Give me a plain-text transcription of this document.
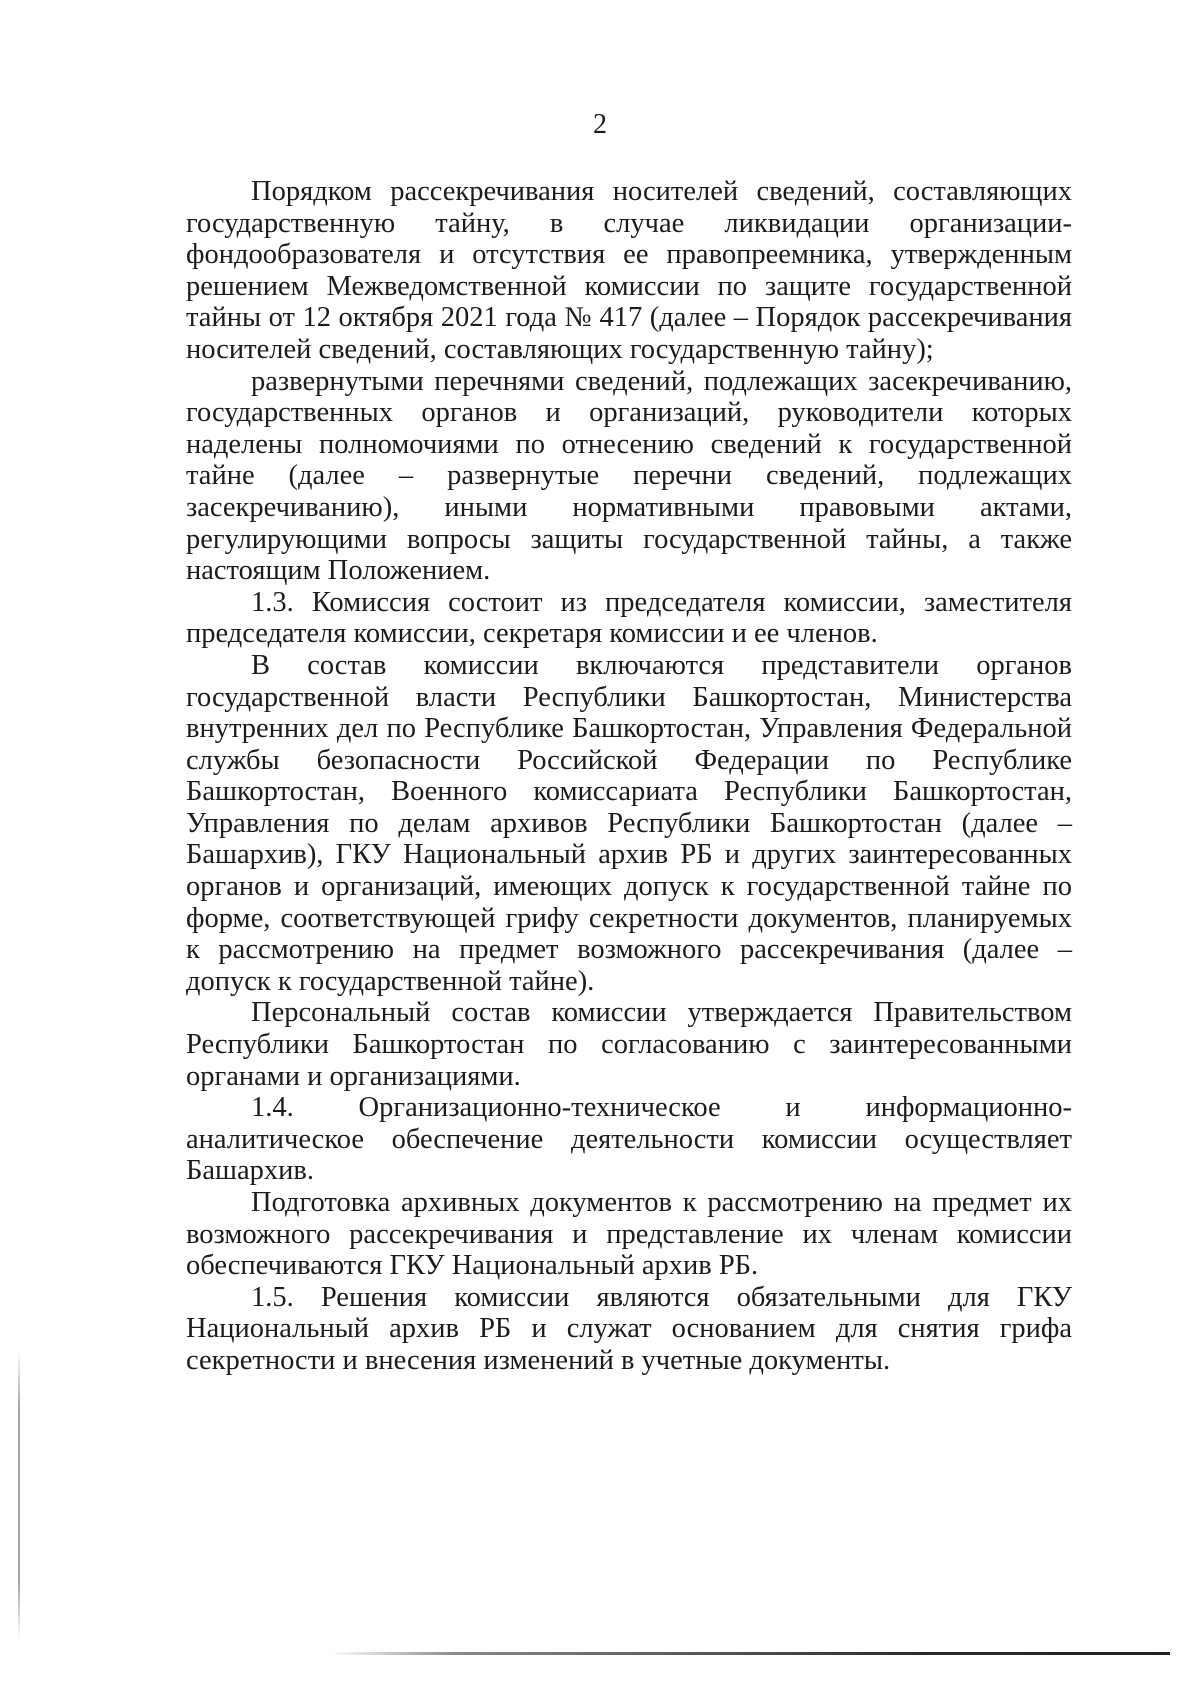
2

Порядком рассекречивания носителей сведений, составляющих государственную тайну, в случае ликвидации организации-фондообразователя и отсутствия ее правопреемника, утвержденным решением Межведомственной комиссии по защите государственной тайны от 12 октября 2021 года № 417 (далее – Порядок рассекречивания носителей сведений, составляющих государственную тайну);

развернутыми перечнями сведений, подлежащих засекречиванию, государственных органов и организаций, руководители которых наделены полномочиями по отнесению сведений к государственной тайне (далее – развернутые перечни сведений, подлежащих засекречиванию), иными нормативными правовыми актами, регулирующими вопросы защиты государственной тайны, а также настоящим Положением.

1.3. Комиссия состоит из председателя комиссии, заместителя председателя комиссии, секретаря комиссии и ее членов.

В состав комиссии включаются представители органов государственной власти Республики Башкортостан, Министерства внутренних дел по Республике Башкортостан, Управления Федеральной службы безопасности Российской Федерации по Республике Башкортостан, Военного комиссариата Республики Башкортостан, Управления по делам архивов Республики Башкортостан (далее – Башархив), ГКУ Национальный архив РБ и других заинтересованных органов и организаций, имеющих допуск к государственной тайне по форме, соответствующей грифу секретности документов, планируемых к рассмотрению на предмет возможного рассекречивания (далее – допуск к государственной тайне).

Персональный состав комиссии утверждается Правительством Республики Башкортостан по согласованию с заинтересованными органами и организациями.

1.4. Организационно-техническое и информационно-аналитическое обеспечение деятельности комиссии осуществляет Башархив.

Подготовка архивных документов к рассмотрению на предмет их возможного рассекречивания и представление их членам комиссии обеспечиваются ГКУ Национальный архив РБ.

1.5. Решения комиссии являются обязательными для ГКУ Национальный архив РБ и служат основанием для снятия грифа секретности и внесения изменений в учетные документы.
